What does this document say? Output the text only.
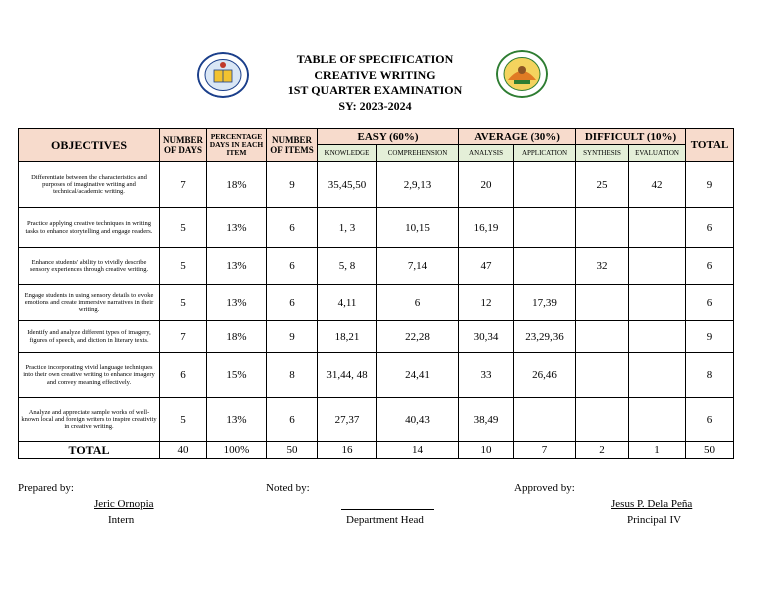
TABLE OF SPECIFICATION
CREATIVE WRITING
1ST QUARTER EXAMINATION
SY: 2023-2024
OBJECTIVES	NUMBER OF DAYS	PERCENTAGE DAYS IN EACH ITEM	NUMBER OF ITEMS	EASY (60%)		AVERAGE (30%)		DIFFICULT (10%)		TOTAL
				KNOWLEDGE	COMPREHENSION	ANALYSIS	APPLICATION	SYNTHESIS	EVALUATION	
Differentiate between the characteristics and purposes of imaginative writing and technical/academic writing.	7	18%	9	35,45,50	2,9,13	20		25	42	9
Practice applying creative techniques in writing tasks to enhance storytelling and engage readers.	5	13%	6	1, 3	10,15	16,19				6
Enhance students' ability to vividly describe sensory experiences through creative writing.	5	13%	6	5, 8	7,14	47		32		6
Engage students in using sensory details to evoke emotions and create immersive narratives in their writing.	5	13%	6	4,11	6	12	17,39			6
Identify and analyze different types of imagery, figures of speech, and diction in literary texts.	7	18%	9	18,21	22,28	30,34	23,29,36			9
Practice incorporating vivid language techniques into their own creative writing to enhance imagery and convey meaning effectively.	6	15%	8	31,44, 48	24,41	33	26,46			8
Analyze and appreciate sample works of well-known local and foreign writers to inspire creativity in creative writing.	5	13%	6	27,37	40,43	38,49				6
TOTAL	40	100%	50	16	14	10	7	2	1	50
Prepared by:
Jeric Ornopia
Intern
Noted by:
Department Head
Approved by:
Jesus P. Dela Peña
Principal IV
